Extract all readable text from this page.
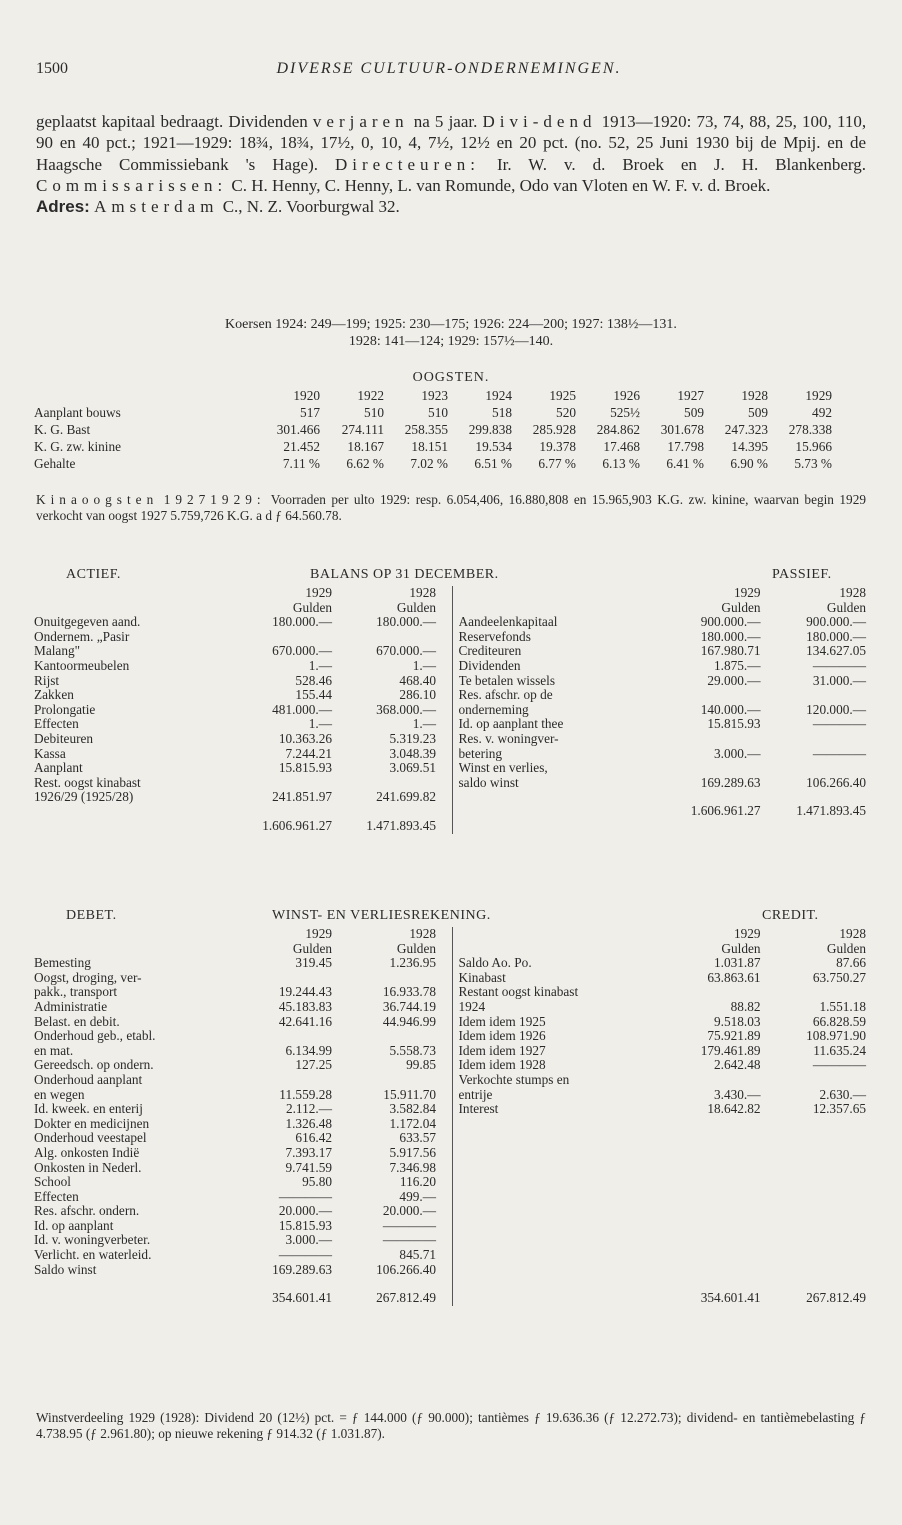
1500	DIVERSE CULTUUR-ONDERNEMINGEN.
geplaatst kapitaal bedraagt. Dividenden verjaren na 5 jaar. Divi-dend 1913—1920: 73, 74, 88, 25, 100, 110, 90 en 40 pct.; 1921—1929: 18¾, 18¾, 17½, 0, 10, 4, 7½, 12½ en 20 pct. (no. 52, 25 Juni 1930 bij de Mpij. en de Haagsche Commissiebank 's Hage). Directeuren: Ir. W. v. d. Broek en J. H. Blankenberg. Commissarissen: C. H. Henny, C. Henny, L. van Romunde, Odo van Vloten en W. F. v. d. Broek.
Adres: Amsterdam C., N. Z. Voorburgwal 32.
Koersen 1924: 249—199; 1925: 230—175; 1926: 224—200; 1927: 138½—131.
1928: 141—124; 1929: 157½—140.
OOGSTEN.
	1920	1922	1923	1924	1925	1926	1927	1928	1929
Aanplant bouws	517	510	510	518	520	525½	509	509	492
K. G. Bast	301.466	274.111	258.355	299.838	285.928	284.862	301.678	247.323	278.338
K. G. zw. kinine	21.452	18.167	18.151	19.534	19.378	17.468	17.798	14.395	15.966
Gehalte	7.11 %	6.62 %	7.02 %	6.51 %	6.77 %	6.13 %	6.41 %	6.90 %	5.73 %
Kinaoogsten 19271929: Voorraden per ulto 1929: resp. 6.054,406, 16.880,808 en 15.965,903 K.G. zw. kinine, waarvan begin 1929 verkocht van oogst 1927 5.759,726 K.G. a d ƒ 64.560.78.
ACTIEF.	BALANS OP 31 DECEMBER.	PASSIEF.
	1929	1928	
	Gulden	Gulden	
Onuitgegeven aand.	180.000.—	180.000.—	
Ondernem. „Pasir			
Malang"	670.000.—	670.000.—	
Kantoormeubelen	1.—	1.—	
Rijst	528.46	468.40	
Zakken	155.44	286.10	
Prolongatie	481.000.—	368.000.—	
Effecten	1.—	1.—	
Debiteuren	10.363.26	5.319.23	
Kassa	7.244.21	3.048.39	
Aanplant	15.815.93	3.069.51	
Rest. oogst kinabast			
1926/29 (1925/28)	241.851.97	241.699.82	
	1.606.961.27	1.471.893.45	
	1929	1928
	Gulden	Gulden

Aandeelenkapitaal	900.000.—	900.000.—
Reservefonds	180.000.—	180.000.—
Crediteuren	167.980.71	134.627.05
Dividenden	1.875.—	————
Te betalen wissels	29.000.—	31.000.—
Res. afschr. op de		
onderneming	140.000.—	120.000.—
Id. op aanplant thee	15.815.93	————
Res. v. woningver-		
betering	3.000.—	————
Winst en verlies,		
saldo winst	169.289.63	106.266.40
	1.606.961.27	1.471.893.45
DEBET.	WINST- EN VERLIESREKENING.	CREDIT.
	1929	1928	
	Gulden	Gulden	
Bemesting	319.45	1.236.95	
Oogst, droging, ver-			
pakk., transport	19.244.43	16.933.78	
Administratie	45.183.83	36.744.19	
Belast. en debit.	42.641.16	44.946.99	
Onderhoud geb., etabl.			
en mat.	6.134.99	5.558.73	
Gereedsch. op ondern.	127.25	99.85	
Onderhoud aanplant			
en wegen	11.559.28	15.911.70	
Id. kweek. en enterij	2.112.—	3.582.84	
Dokter en medicijnen	1.326.48	1.172.04	
Onderhoud veestapel	616.42	633.57	
Alg. onkosten Indië	7.393.17	5.917.56	
Onkosten in Nederl.	9.741.59	7.346.98	
School	95.80	116.20	
Effecten	————	499.—	
Res. afschr. ondern.	20.000.—	20.000.—	
Id. op aanplant	15.815.93	————	
Id. v. woningverbeter.	3.000.—	————	
Verlicht. en waterleid.	————	845.71	
Saldo winst	169.289.63	106.266.40	
	354.601.41	267.812.49	
	1929	1928
	Gulden	Gulden
Saldo Ao. Po.	1.031.87	87.66
Kinabast	63.863.61	63.750.27
Restant oogst kinabast		
1924	88.82	1.551.18
Idem idem 1925	9.518.03	66.828.59
Idem idem 1926	75.921.89	108.971.90
Idem idem 1927	179.461.89	11.635.24
Idem idem 1928	2.642.48	————
Verkochte stumps en		
entrije	3.430.—	2.630.—
Interest	18.642.82	12.357.65

	354.601.41	267.812.49
Winstverdeeling 1929 (1928): Dividend 20 (12½) pct. = ƒ 144.000 (ƒ 90.000); tantièmes ƒ 19.636.36 (ƒ 12.272.73); dividend- en tantièmebelasting ƒ 4.738.95 (ƒ 2.961.80); op nieuwe rekening ƒ 914.32 (ƒ 1.031.87).
